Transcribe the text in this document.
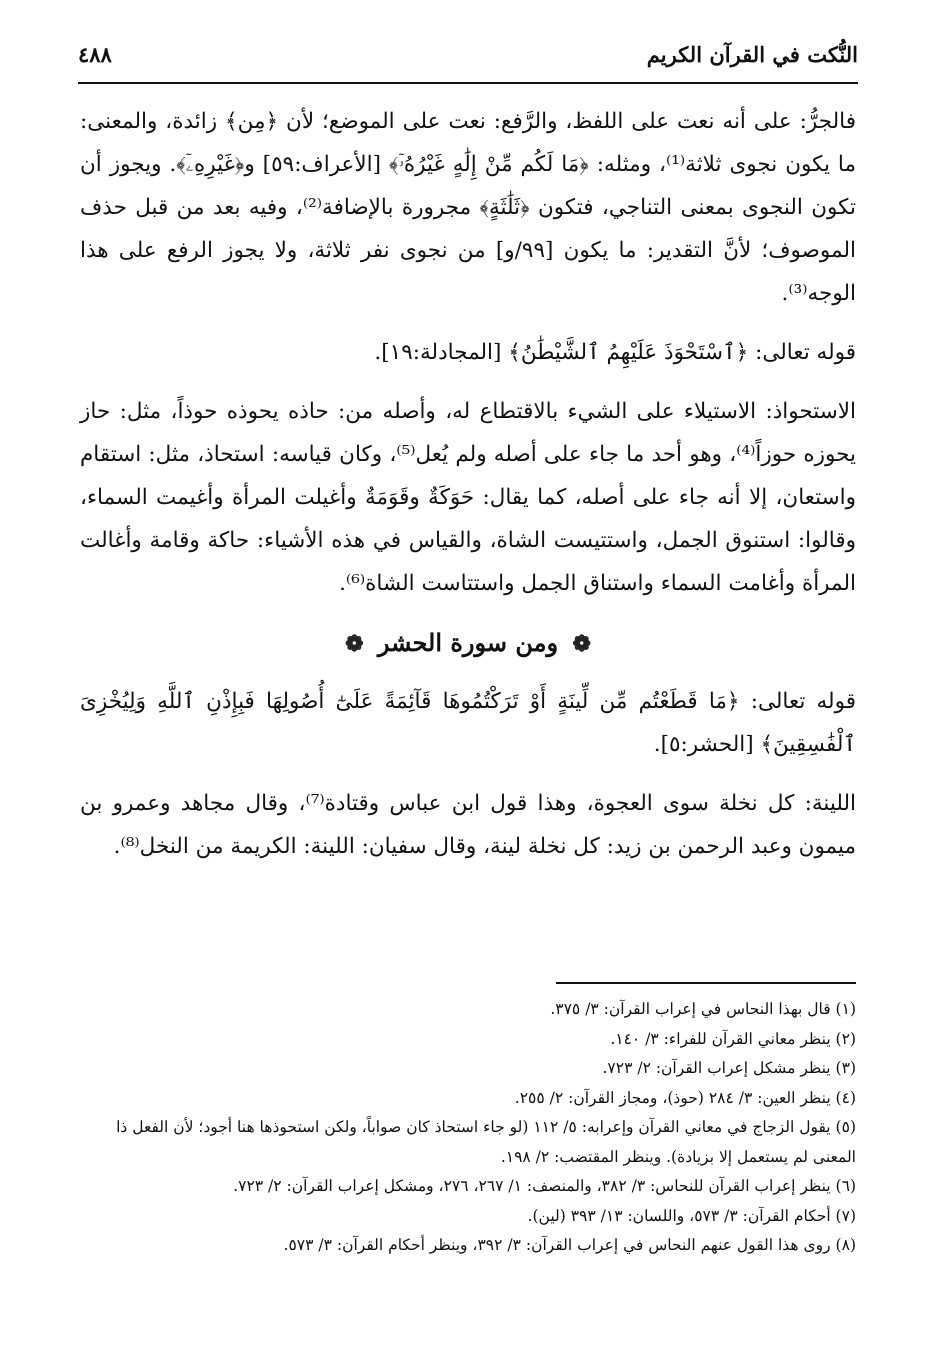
النُّكت في القرآن الكريم
٤٨٨

فالجرُّ: على أنه نعت على اللفظ، والرَّفع: نعت على الموضع؛ لأن ﴿مِن﴾ زائدة، والمعنى: ما يكون نجوى ثلاثة⁽¹⁾، ومثله: ﴿مَا لَكُم مِّنْ إِلَٰهٍ غَيْرُهُۥٓ﴾ [الأعراف:٥٩] و﴿غَيْرِهِۦٓ﴾. ويجوز أن تكون النجوى بمعنى التناجي، فتكون ﴿ثَلَٰثَةٍ﴾ مجرورة بالإضافة⁽²⁾، وفيه بعد من قبل حذف الموصوف؛ لأنَّ التقدير: ما يكون [٩٩/و] من نجوى نفر ثلاثة، ولا يجوز الرفع على هذا الوجه⁽³⁾.

قوله تعالى: ﴿ٱسْتَحْوَذَ عَلَيْهِمُ ٱلشَّيْطَٰنُ﴾ [المجادلة:١٩].

الاستحواذ: الاستيلاء على الشيء بالاقتطاع له، وأصله من: حاذه يحوذه حوذاً، مثل: حاز يحوزه حوزاً⁽⁴⁾، وهو أحد ما جاء على أصله ولم يُعل⁽⁵⁾، وكان قياسه: استحاذ، مثل: استقام واستعان، إلا أنه جاء على أصله، كما يقال: حَوَكَةٌ وقَوَمَةٌ وأغيلت المرأة وأغيمت السماء، وقالوا: استنوق الجمل، واستتيست الشاة، والقياس في هذه الأشياء: حاكة وقامة وأغالت المرأة وأغامت السماء واستناق الجمل واستتاست الشاة⁽⁶⁾.

❁ ومن سورة الحشر ❁

قوله تعالى: ﴿مَا قَطَعْتُم مِّن لِّينَةٍ أَوْ تَرَكْتُمُوهَا قَآئِمَةً عَلَىٰٓ أُصُولِهَا فَبِإِذْنِ ٱللَّهِ وَلِيُخْزِىَ ٱلْفَٰسِقِينَ﴾ [الحشر:٥].

اللينة: كل نخلة سوى العجوة، وهذا قول ابن عباس وقتادة⁽⁷⁾، وقال مجاهد وعمرو بن ميمون وعبد الرحمن بن زيد: كل نخلة لينة، وقال سفيان: اللينة: الكريمة من النخل⁽⁸⁾.

(١) قال بهذا النحاس في إعراب القرآن: ٣/ ٣٧٥.
(٢) ينظر معاني القرآن للفراء: ٣/ ١٤٠.
(٣) ينظر مشكل إعراب القرآن: ٢/ ٧٢٣.
(٤) ينظر العين: ٣/ ٢٨٤ (حوذ)، ومجاز القرآن: ٢/ ٢٥٥.
(٥) يقول الزجاج في معاني القرآن وإعرابه: ٥/ ١١٢ (لو جاء استحاذ كان صواباً، ولكن استحوذها هنا أجود؛ لأن الفعل ذا المعنى لم يستعمل إلا بزيادة). وينظر المقتضب: ٢/ ١٩٨.
(٦) ينظر إعراب القرآن للنحاس: ٣/ ٣٨٢، والمنصف: ١/ ٢٦٧، ٢٧٦، ومشكل إعراب القرآن: ٢/ ٧٢٣.
(٧) أحكام القرآن: ٣/ ٥٧٣، واللسان: ١٣/ ٣٩٣ (لين).
(٨) روى هذا القول عنهم النحاس في إعراب القرآن: ٣/ ٣٩٢، وينظر أحكام القرآن: ٣/ ٥٧٣.
